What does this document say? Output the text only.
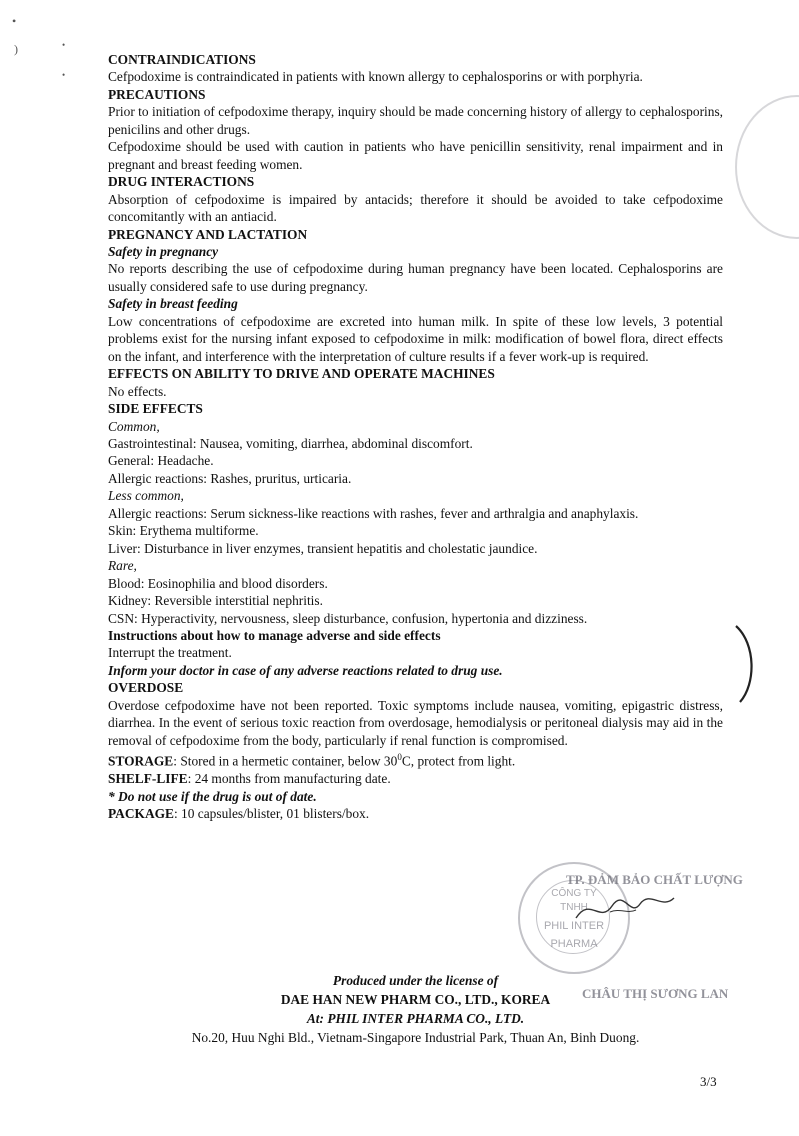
•
)	•
•

CONTRAINDICATIONS

Cefpodoxime is contraindicated in patients with known allergy to cephalosporins or with porphyria.

PRECAUTIONS

Prior to initiation of cefpodoxime therapy, inquiry should be made concerning history of allergy to cephalosporins, penicilins and other drugs.

Cefpodoxime should be used with caution in patients who have penicillin sensitivity, renal impairment and in pregnant and breast feeding women.

DRUG INTERACTIONS

Absorption of cefpodoxime is impaired by antacids; therefore it should be avoided to take cefpodoxime concomitantly with an antiacid.

PREGNANCY AND LACTATION

Safety in pregnancy

No reports describing the use of cefpodoxime during human pregnancy have been located. Cephalosporins are usually considered safe to use during pregnancy.

Safety in breast feeding

Low concentrations of cefpodoxime are excreted into human milk. In spite of these low levels, 3 potential problems exist for the nursing infant exposed to cefpodoxime in milk: modification of bowel flora, direct effects on the infant, and interference with the interpretation of culture results if a fever work-up is required.

EFFECTS ON ABILITY TO DRIVE AND OPERATE MACHINES

No effects.

SIDE EFFECTS

Common,

Gastrointestinal: Nausea, vomiting, diarrhea, abdominal discomfort.

General: Headache.

Allergic reactions: Rashes, pruritus, urticaria.

Less common,

Allergic reactions: Serum sickness-like reactions with rashes, fever and arthralgia and anaphylaxis.

Skin: Erythema multiforme.

Liver: Disturbance in liver enzymes, transient hepatitis and cholestatic jaundice.

Rare,

Blood: Eosinophilia and blood disorders.

Kidney: Reversible interstitial nephritis.

CSN: Hyperactivity, nervousness, sleep disturbance, confusion, hypertonia and dizziness.

Instructions about how to manage adverse and side effects

Interrupt the treatment.

Inform your doctor in case of any adverse reactions related to drug use.

OVERDOSE

Overdose cefpodoxime have not been reported. Toxic symptoms include nausea, vomiting, epigastric distress, diarrhea. In the event of serious toxic reaction from overdosage, hemodialysis or peritoneal dialysis may aid in the removal of cefpodoxime from the body, particularly if renal function is compromised.

STORAGE: Stored in a hermetic container, below $30^0C$, protect from light.

SHELF-LIFE: 24 months from manufacturing date.

* Do not use if the drug is out of date.

PACKAGE: 10 capsules/blister, 01 blisters/box.

CÔNG TY
TNHH
PHIL INTER
PHARMA
TP. ĐẢM BẢO CHẤT LƯỢNG
CHÂU THỊ SƯƠNG LAN

Produced under the license of

DAE HAN NEW PHARM CO., LTD., KOREA

At: PHIL INTER PHARMA CO., LTD.

No.20, Huu Nghi Bld., Vietnam-Singapore Industrial Park, Thuan An, Binh Duong.

3/3
